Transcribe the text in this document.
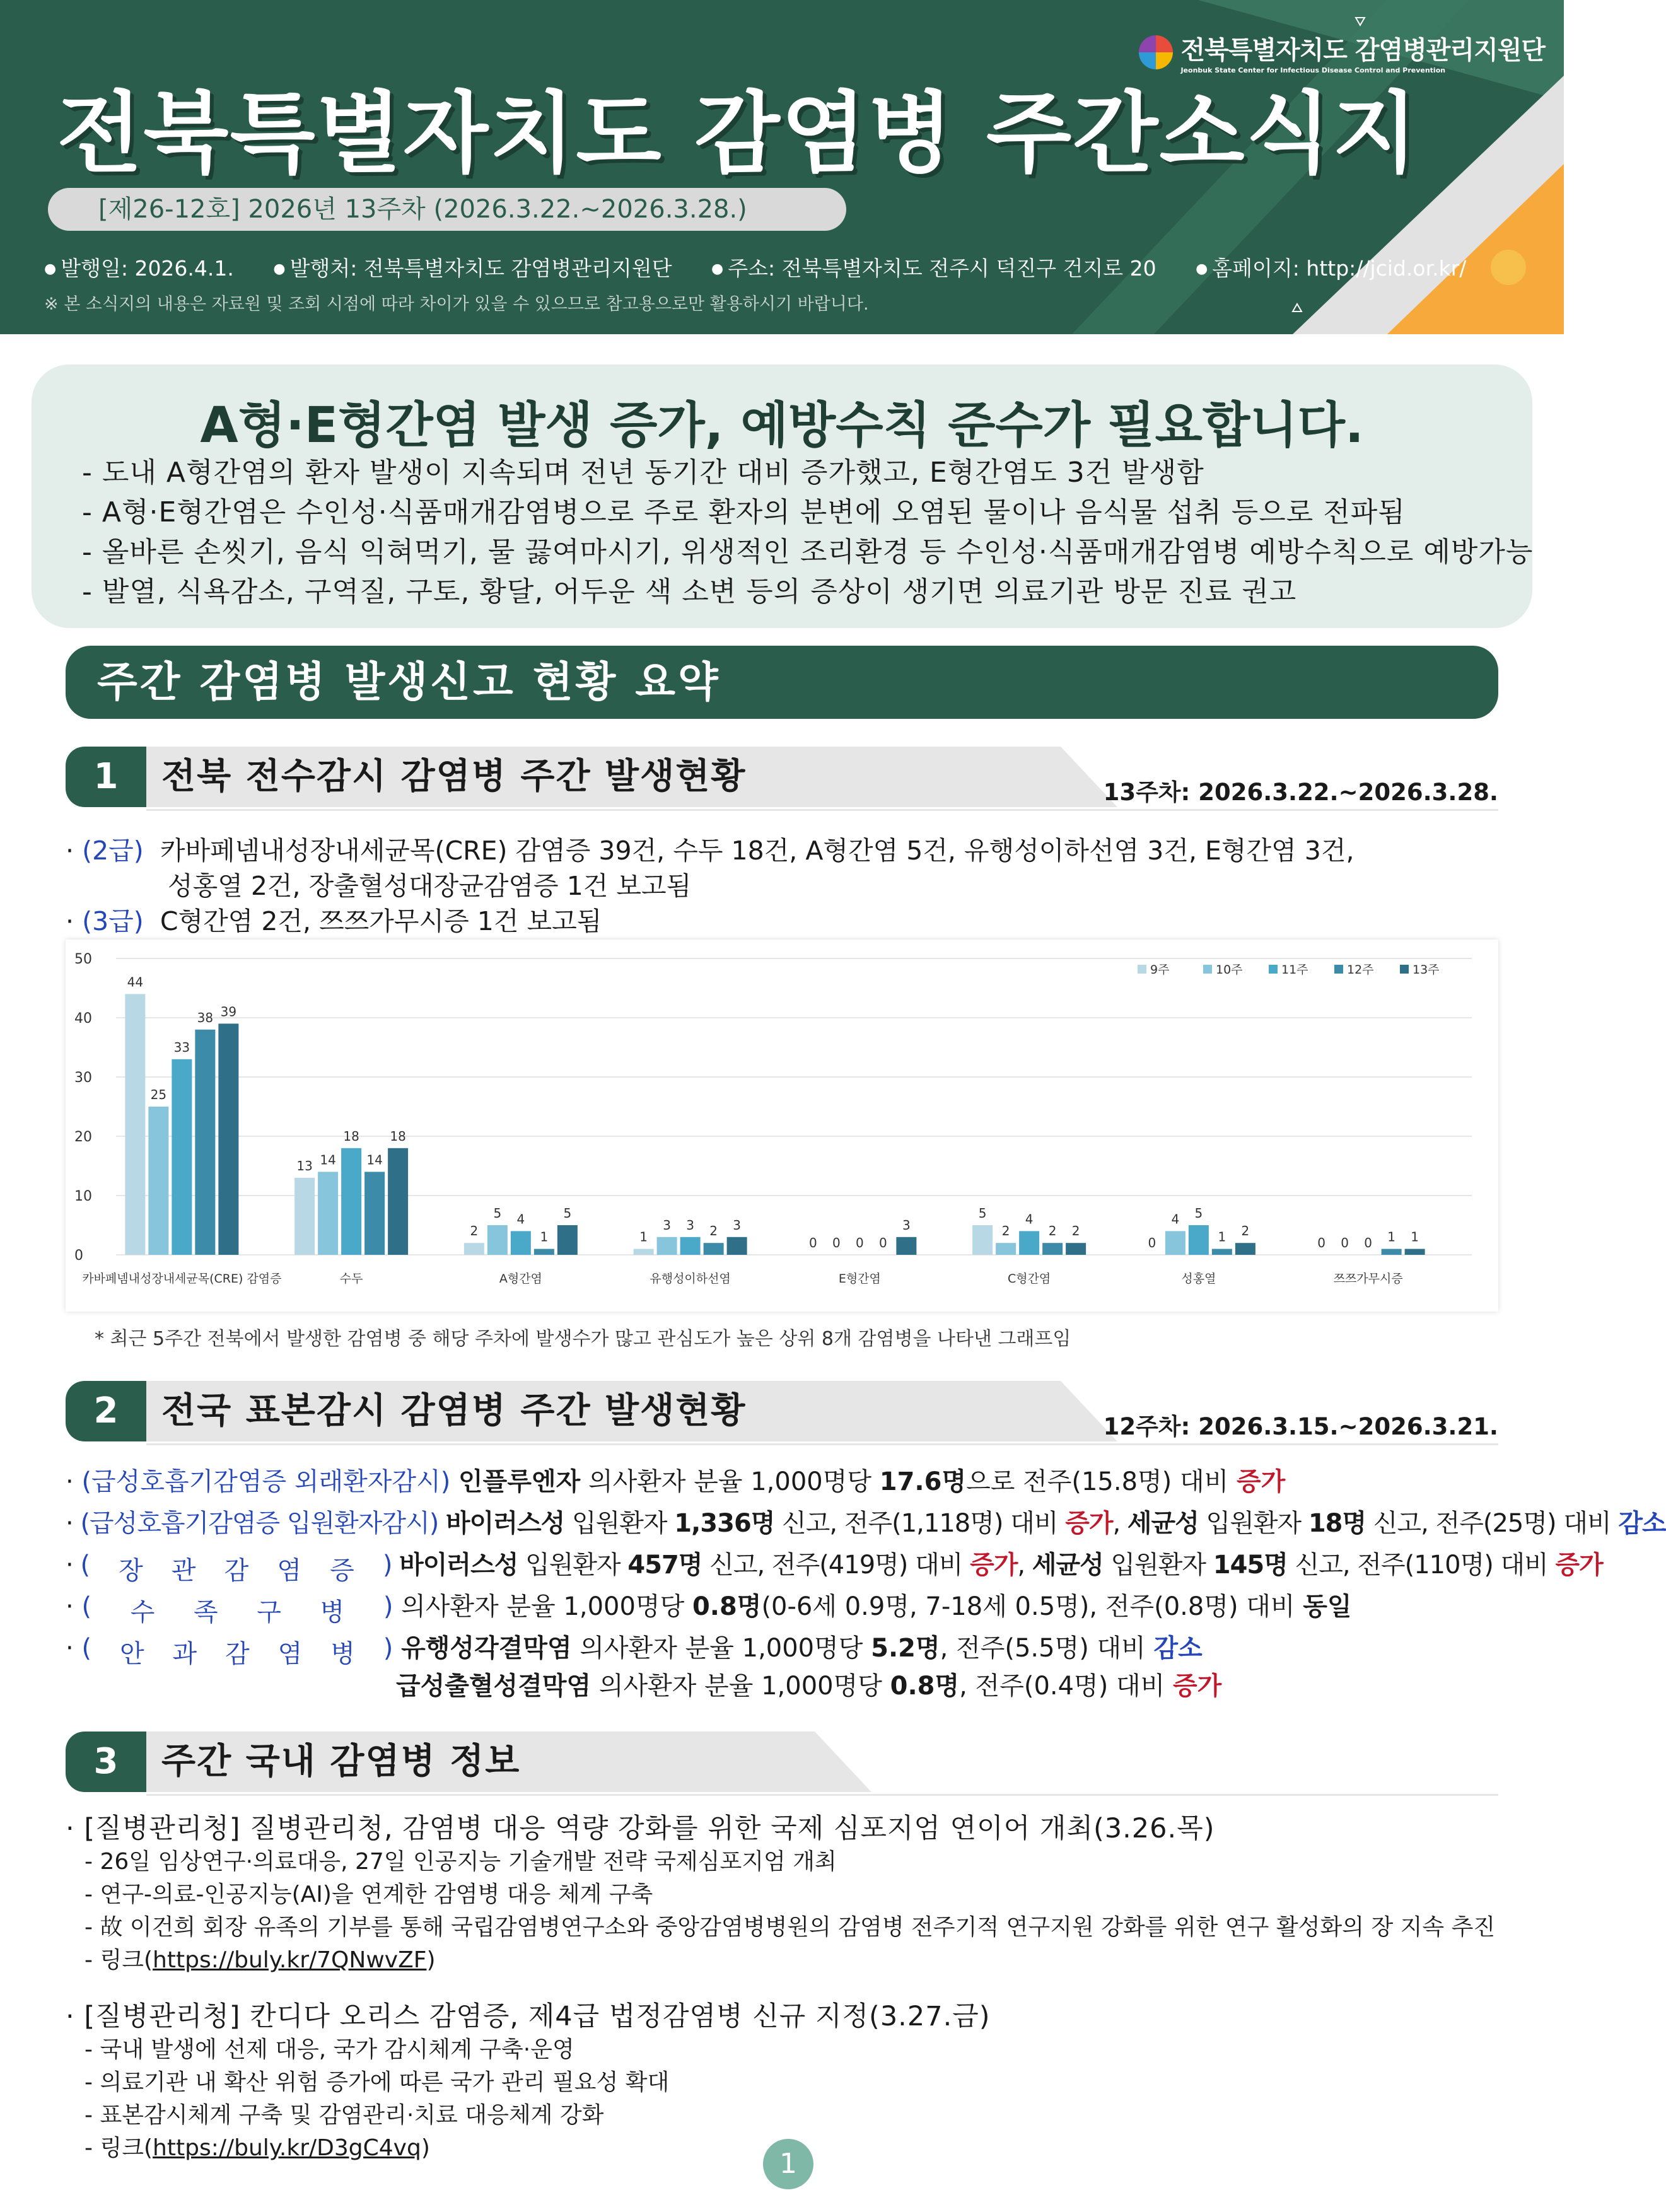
전북특별자치도 감염병관리지원단
Jeonbuk State Center for Infectious Disease Control and Prevention
전북특별자치도 감염병 주간소식지
[제26-12호] 2026년 13주차 (2026.3.22.~2026.3.28.)
● 발행일: 2026.4.1.	● 발행처: 전북특별자치도 감염병관리지원단	● 주소: 전북특별자치도 전주시 덕진구 건지로 20	● 홈페이지: http://jcid.or.kr/
※ 본 소식지의 내용은 자료원 및 조회 시점에 따라 차이가 있을 수 있으므로 참고용으로만 활용하시기 바랍니다.
A형·E형간염 발생 증가, 예방수칙 준수가 필요합니다.
- 도내 A형간염의 환자 발생이 지속되며 전년 동기간 대비 증가했고, E형간염도 3건 발생함
- A형·E형간염은 수인성·식품매개감염병으로 주로 환자의 분변에 오염된 물이나 음식물 섭취 등으로 전파됨
- 올바른 손씻기, 음식 익혀먹기, 물 끓여마시기, 위생적인 조리환경 등 수인성·식품매개감염병 예방수칙으로 예방가능
- 발열, 식욕감소, 구역질, 구토, 황달, 어두운 색 소변 등의 증상이 생기면 의료기관 방문 진료 권고
주간 감염병 발생신고 현황 요약
1	전북 전수감시 감염병 주간 발생현황	13주차: 2026.3.22.~2026.3.28.
· (2급) 카바페넴내성장내세균목(CRE) 감염증 39건, 수두 18건, A형간염 5건, 유행성이하선염 3건, E형간염 3건,
성홍열 2건, 장출혈성대장균감염증 1건 보고됨
· (3급) C형간염 2건, 쯔쯔가무시증 1건 보고됨
0
10
20
30
40
50
44
25
33
38 39
카바페넴내성장내세균목(CRE) 감염증
13 14
18
14
18
수두
2
5 4
1
5
A형간염
1
3 3 2 3
유행성이하선염
0 0 0 0
3
E형간염
5
2
4
2 2
C형간염
0
4 5
1 2
성홍열
0 0 0 1 1
쯔쯔가무시증
9주	10주	11주	12주	13주
* 최근 5주간 전북에서 발생한 감염병 중 해당 주차에 발생수가 많고 관심도가 높은 상위 8개 감염병을 나타낸 그래프임
2	전국 표본감시 감염병 주간 발생현황	12주차: 2026.3.15.~2026.3.21.
· (급성호흡기감염증 외래환자감시) 인플루엔자 의사환자 분율 1,000명당 17.6명으로 전주(15.8명) 대비 증가
· (급성호흡기감염증 입원환자감시) 바이러스성 입원환자 1,336명 신고, 전주(1,118명) 대비 증가, 세균성 입원환자 18명 신고, 전주(25명) 대비 감소
· ( 장 관 감 염 증 ) 바이러스성 입원환자 457명 신고, 전주(419명) 대비 증가, 세균성 입원환자 145명 신고, 전주(110명) 대비 증가
· ( 수 족 구 병 ) 의사환자 분율 1,000명당 0.8명(0-6세 0.9명, 7-18세 0.5명), 전주(0.8명) 대비 동일
· ( 안 과 감 염 병 ) 유행성각결막염 의사환자 분율 1,000명당 5.2명, 전주(5.5명) 대비 감소
급성출혈성결막염 의사환자 분율 1,000명당 0.8명, 전주(0.4명) 대비 증가
3	주간 국내 감염병 정보
· [질병관리청] 질병관리청, 감염병 대응 역량 강화를 위한 국제 심포지엄 연이어 개최(3.26.목)
- 26일 임상연구·의료대응, 27일 인공지능 기술개발 전략 국제심포지엄 개최
- 연구-의료-인공지능(AI)을 연계한 감염병 대응 체계 구축
- 故 이건희 회장 유족의 기부를 통해 국립감염병연구소와 중앙감염병병원의 감염병 전주기적 연구지원 강화를 위한 연구 활성화의 장 지속 추진
- 링크(https://buly.kr/7QNwvZF)
· [질병관리청] 칸디다 오리스 감염증, 제4급 법정감염병 신규 지정(3.27.금)
- 국내 발생에 선제 대응, 국가 감시체계 구축·운영
- 의료기관 내 확산 위험 증가에 따른 국가 관리 필요성 확대
- 표본감시체계 구축 및 감염관리·치료 대응체계 강화
- 링크(https://buly.kr/D3gC4vq)	1
